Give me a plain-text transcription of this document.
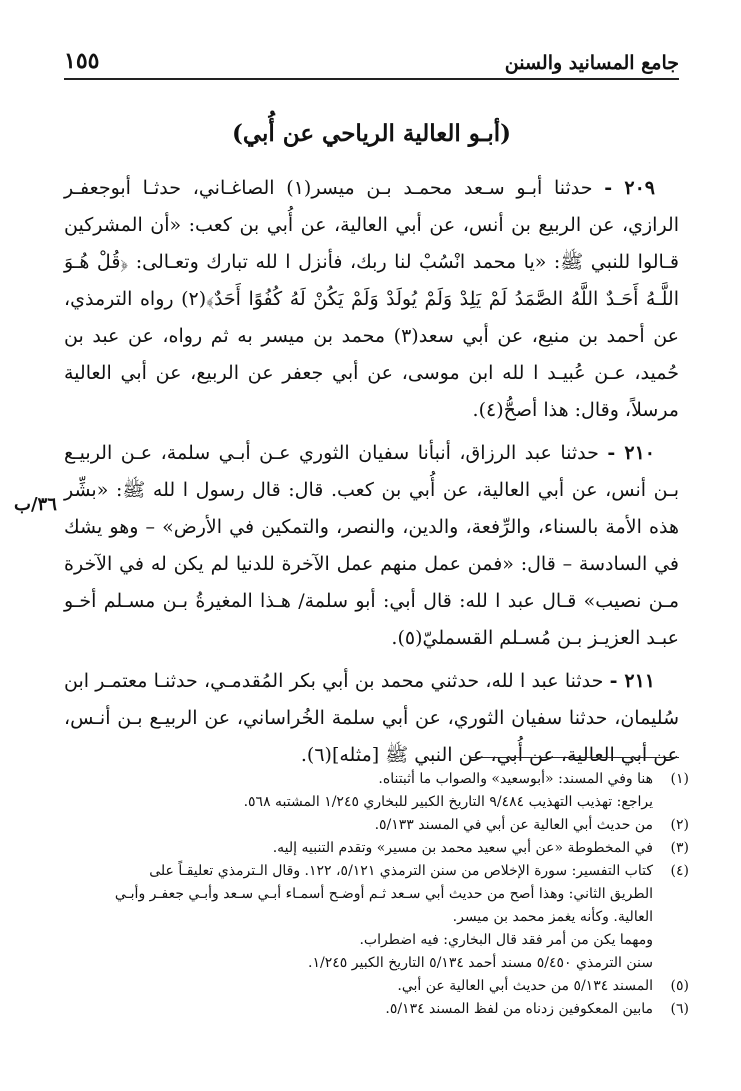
جامع المسانيد والسنن
١٥٥
(أبـو العالية الرياحي عن أُبي)

٢٠٩ - حدثنا أبـو سـعد محمـد بـن ميسر(١) الصاغـاني، حدثـا أبوجعفـر الرازي، عن الربيع بن أنس، عن أبي العالية، عن أُبي بن كعب: «أن المشركين قـالوا للنبي ﷺ: «يا محمد انْسُبْ لنا ربك، فأنزل ا لله تبارك وتعـالى: ﴿قُلْ هُـوَ اللَّـهُ أَحَـدٌ اللَّهُ الصَّمَدُ لَمْ يَلِدْ وَلَمْ يُولَدْ وَلَمْ يَكُنْ لَهُ كُفُوًا أَحَدٌ﴾(٢) رواه الترمذي، عن أحمد بن منيع، عن أبي سعد(٣) محمد بن ميسر به ثم رواه، عن عبد بن حُميد، عـن عُبيـد ا لله ابن موسى، عن أبي جعفر عن الربيع، عن أبي العالية مرسلاً، وقال: هذا أصحُّ(٤).

٢١٠ - حدثنا عبد الرزاق، أنبأنا سفيان الثوري عـن أبـي سلمة، عـن الربيـع بـن أنس، عن أبي العالية، عن أُبي بن كعب. قال: قال رسول ا لله ﷺ: «بشِّر هذه الأمة بالسناء، والرِّفعة، والدين، والنصر، والتمكين في الأرض» – وهو يشك في السادسة – قال: «فمن عمل منهم عمل الآخرة للدنيا لم يكن له في الآخرة مـن نصيب» قـال عبد ا لله: قال أبي: أبو سلمة/ هـذا المغيرةُ بـن مسـلم أخـو عبـد العزيـز بـن مُسـلم القسمليّ(٥).

٢١١ - حدثنا عبد ا لله، حدثني محمد بن أبي بكر المُقدمـي، حدثنـا معتمـر ابن سُليمان، حدثنا سفيان الثوري، عن أبي سلمة الخُراساني، عن الربيـع بـن أنـس، عن أبي العالية، عن أُبي، عن النبي ﷺ [مثله](٦).

٣٦/ب
(١)
هنا وفي المسند: «أبوسعيد» والصواب ما أثبتناه.
يراجع: تهذيب التهذيب ٩/٤٨٤ التاريخ الكبير للبخاري ١/٢٤٥ المشتبه ٥٦٨.
(٢)
من حديث أبي العالية عن أبي في المسند ٥/١٣٣.
(٣)
في المخطوطة «عن أبي سعيد محمد بن مسير» وتقدم التنبيه إليه.
(٤)
كتاب التفسير: سورة الإخلاص من سنن الترمذي ٥/١٢١، ١٢٢. وقال الـترمذي تعليقـاً على
الطريق الثاني: وهذا أصح من حديث أبي سـعد ثـم أوضـح أسمـاء أبـي سـعد وأبـي جعفـر وأبـي
العالية. وكأنه يغمز محمد بن ميسر.
ومهما يكن من أمر فقد قال البخاري: فيه اضطراب.
سنن الترمذي ٥/٤٥٠ مسند أحمد ٥/١٣٤ التاريخ الكبير ١/٢٤٥.
(٥)
المسند ٥/١٣٤ من حديث أبي العالية عن أبي.
(٦)
مابين المعكوفين زدناه من لفظ المسند ٥/١٣٤.
